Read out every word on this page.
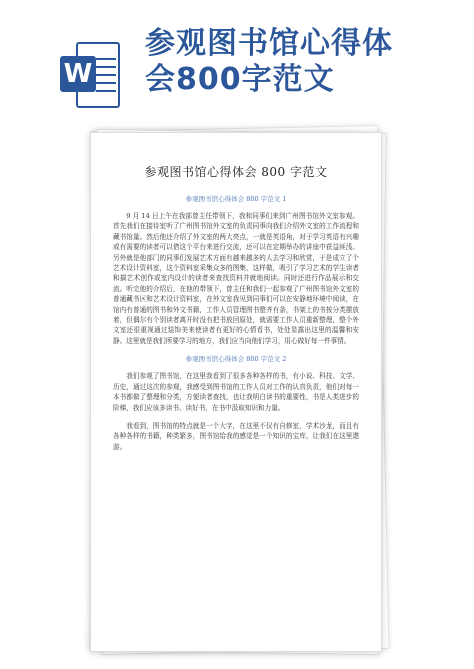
W
参观图书馆心得体
会800字范文
参观图书馆心得体会 800 字范文
参观图书馆心得体会 800 字范文 1

9 月 14 日上午在我部曾主任带领下，我和同事们来到广州图书馆外文室参观。首先我们在接待室听了广州图书馆外文室的负责同事向我们介绍外文室的工作流程和藏书馆量。然后他还介绍了外文室的两大亮点，一就是英语角，对于学习英语有兴趣或有需要的读者可以借这个平台来进行交流，还可以在定期举办的讲座中获益匪浅。另外就是他部门的同事们发展艺术方面有越来越多的人去学习和欣赏，于是成立了个艺术设计资料室，这个资料室采集众多的图集，这样做，吸引了学习艺术的学生读者和搞艺术创作或室内设计的读者来查找资料并就地阅读。同时还进行作品展示和交流。听完他的介绍后，在他的带领下，曾主任和我们一起参观了广州图书馆外文室的普通藏书区和艺术设计资料室，在外文室我见到同事们可以在安静地环境中阅读，在馆内有普通的图书和外文书籍，工作人员管理图书整齐有条，书架上的书按分类摆放着，但偶尔有个别读者离开时没有把书放回原处，就需要工作人员重新整理，整个外文室还很重视通过装饰美来使读者有更好的心情看书，处处显露出这里的温馨和安静。这里就是我们所要学习的地方，我们应当向他们学习，用心做好每一件事情。

参观图书馆心得体会 800 字范文 2

我们参观了图书馆，在这里我看到了很多各种各样的书，有小说、科技、文学、历史，通过这次的参观，我感受到图书馆的工作人员对工作的认真负责，他们对每一本书都做了整理和分类，方便读者查找，也让我明白读书的重要性，书是人类进步的阶梯，我们应该多读书、读好书，在书中汲取知识和力量。

我看到，图书馆的特点就是一个大字，在这里不仅有自修室，学术沙龙，而且有各种各样的书籍，种类繁多，图书馆给我的感觉是一个知识的宝库，让我们在这里遨游。
